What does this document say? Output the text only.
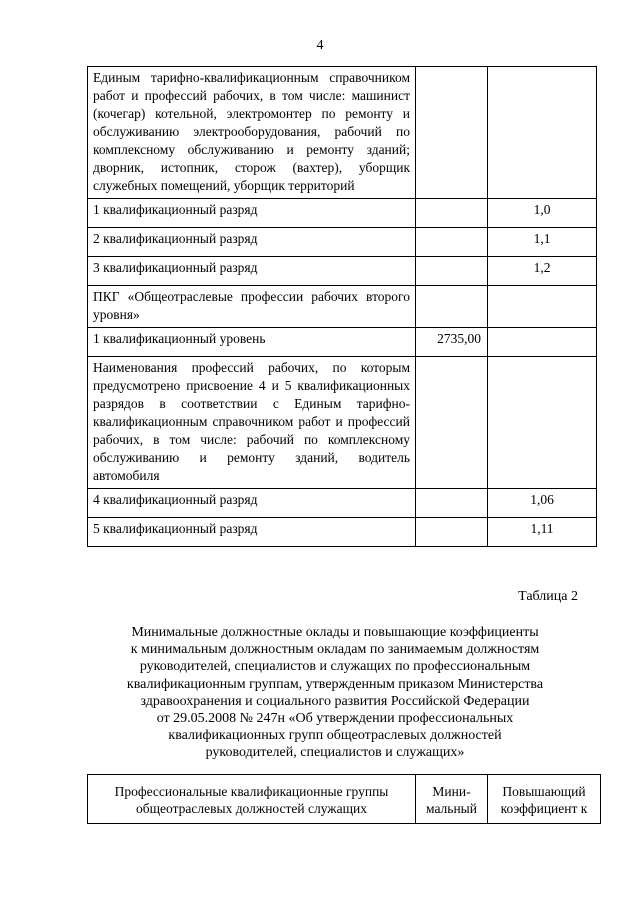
4
Единым тарифно-квалификационным справочником работ и профессий рабочих, в том числе: машинист (кочегар) котельной, электромонтер по ремонту и обслуживанию электрооборудования, рабочий по комплексному обслуживанию и ремонту зданий; дворник, истопник, сторож (вахтер), уборщик служебных помещений, уборщик территорий		
1 квалификационный разряд		1,0
2 квалификационный разряд		1,1
3 квалификационный разряд		1,2
ПКГ «Общеотраслевые профессии рабочих второго уровня»		
1 квалификационный уровень	2735,00	
Наименования профессий рабочих, по которым предусмотрено присвоение 4 и 5 квалификационных разрядов в соответствии с Единым тарифно-квалификационным справочником работ и профессий рабочих, в том числе: рабочий по комплексному обслуживанию и ремонту зданий, водитель автомобиля		
4 квалификационный разряд		1,06
5 квалификационный разряд		1,11
Таблица 2
Минимальные должностные оклады и повышающие коэффициенты
к минимальным должностным окладам по занимаемым должностям
руководителей, специалистов и служащих по профессиональным
квалификационным группам, утвержденным приказом Министерства
здравоохранения и социального развития Российской Федерации
от 29.05.2008 № 247н «Об утверждении профессиональных
квалификационных групп общеотраслевых должностей
руководителей, специалистов и служащих»
Профессиональные квалификационные группы общеотраслевых должностей служащих	Мини-мальный	Повышающий коэффициент к
